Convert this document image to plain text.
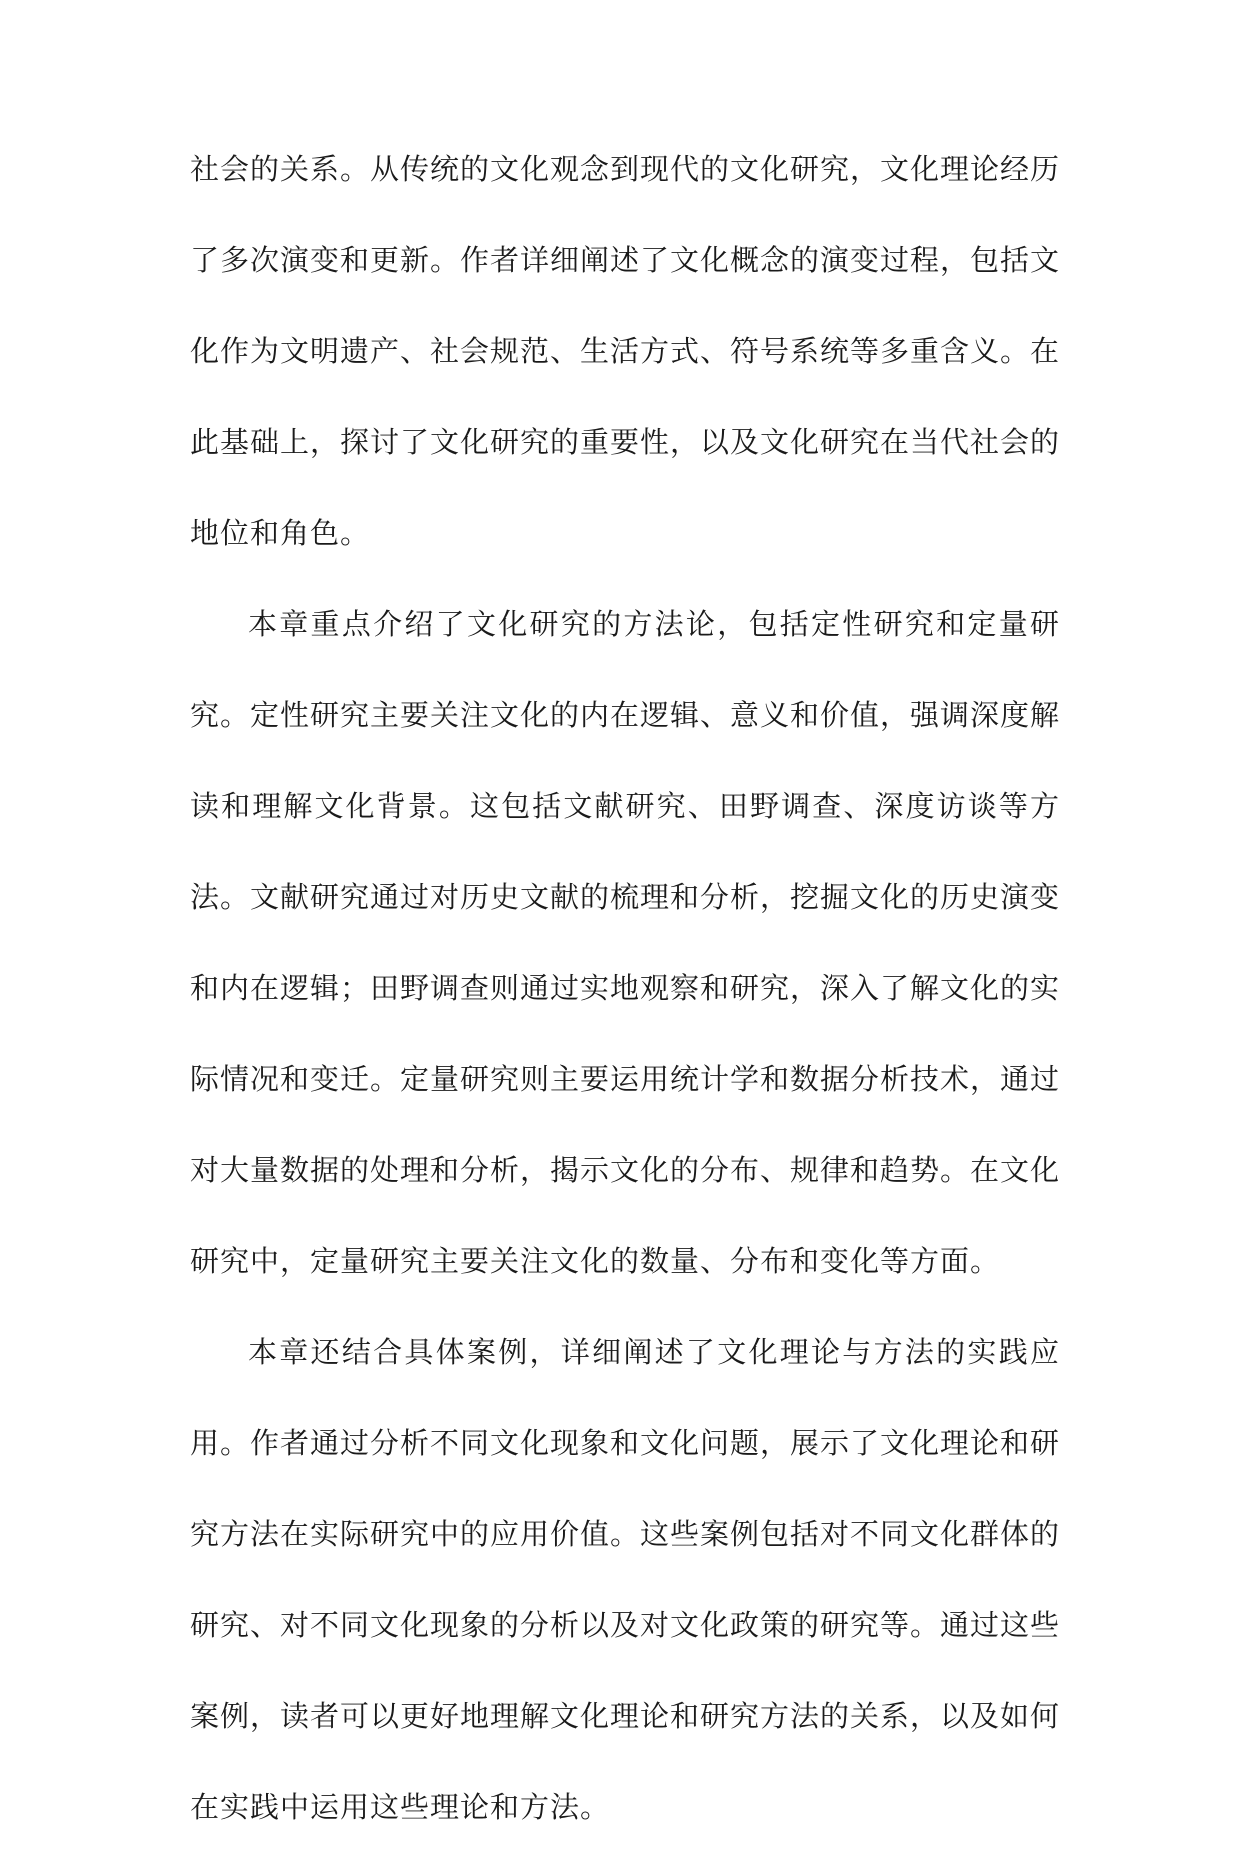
社会的关系。从传统的文化观念到现代的文化研究，文化理论经历了多次演变和更新。作者详细阐述了文化概念的演变过程，包括文化作为文明遗产、社会规范、生活方式、符号系统等多重含义。在此基础上，探讨了文化研究的重要性，以及文化研究在当代社会的地位和角色。

本章重点介绍了文化研究的方法论，包括定性研究和定量研究。定性研究主要关注文化的内在逻辑、意义和价值，强调深度解读和理解文化背景。这包括文献研究、田野调查、深度访谈等方法。文献研究通过对历史文献的梳理和分析，挖掘文化的历史演变和内在逻辑；田野调查则通过实地观察和研究，深入了解文化的实际情况和变迁。定量研究则主要运用统计学和数据分析技术，通过对大量数据的处理和分析，揭示文化的分布、规律和趋势。在文化研究中，定量研究主要关注文化的数量、分布和变化等方面。

本章还结合具体案例，详细阐述了文化理论与方法的实践应用。作者通过分析不同文化现象和文化问题，展示了文化理论和研究方法在实际研究中的应用价值。这些案例包括对不同文化群体的研究、对不同文化现象的分析以及对文化政策的研究等。通过这些案例，读者可以更好地理解文化理论和研究方法的关系，以及如何在实践中运用这些理论和方法。
